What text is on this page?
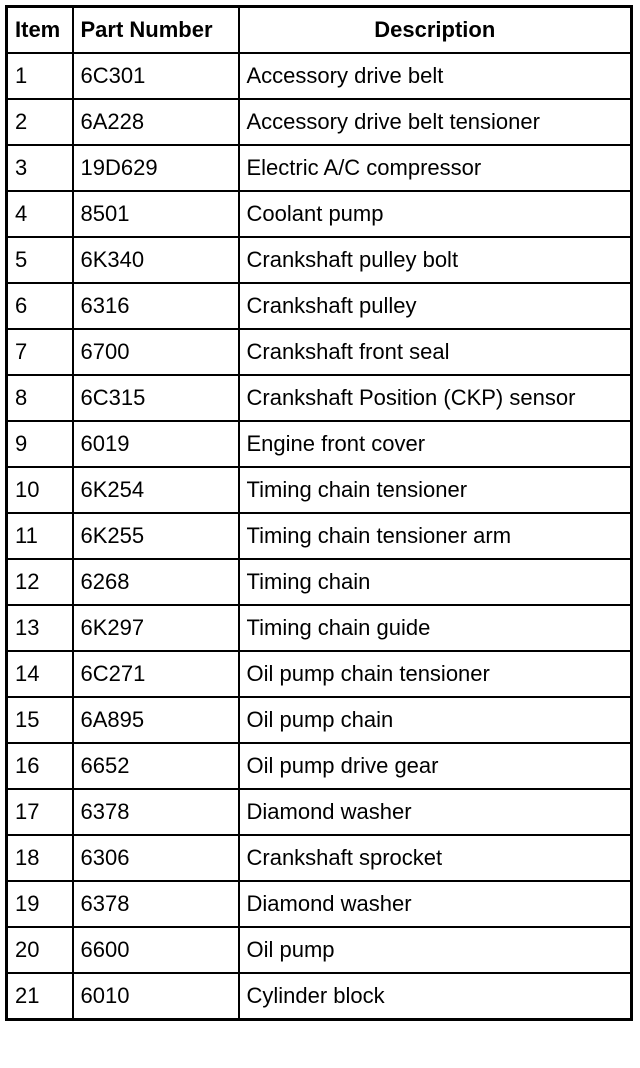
Item	Part Number	Description
1	6C301	Accessory drive belt
2	6A228	Accessory drive belt tensioner
3	19D629	Electric A/C compressor
4	8501	Coolant pump
5	6K340	Crankshaft pulley bolt
6	6316	Crankshaft pulley
7	6700	Crankshaft front seal
8	6C315	Crankshaft Position (CKP) sensor
9	6019	Engine front cover
10	6K254	Timing chain tensioner
11	6K255	Timing chain tensioner arm
12	6268	Timing chain
13	6K297	Timing chain guide
14	6C271	Oil pump chain tensioner
15	6A895	Oil pump chain
16	6652	Oil pump drive gear
17	6378	Diamond washer
18	6306	Crankshaft sprocket
19	6378	Diamond washer
20	6600	Oil pump
21	6010	Cylinder block
